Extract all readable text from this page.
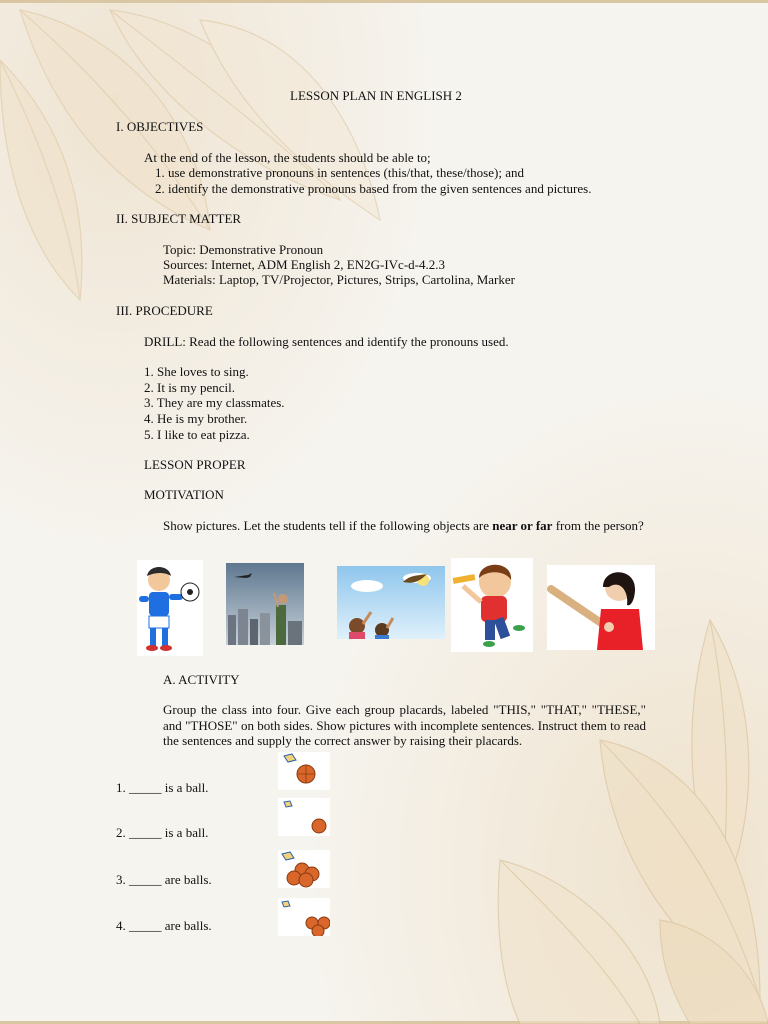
LESSON PLAN IN ENGLISH 2
I. OBJECTIVES
At the end of the lesson, the students should be able to;
1. use demonstrative pronouns in sentences (this/that, these/those); and
2. identify the demonstrative pronouns based from the given sentences and pictures.
II. SUBJECT MATTER
Topic: Demonstrative Pronoun
Sources: Internet, ADM English 2, EN2G-IVc-d-4.2.3
Materials: Laptop, TV/Projector, Pictures, Strips, Cartolina, Marker
III. PROCEDURE
DRILL: Read the following sentences and identify the pronouns used.
1. She loves to sing.
2. It is my pencil.
3. They are my classmates.
4. He is my brother.
5. I like to eat pizza.
LESSON PROPER
MOTIVATION
Show pictures. Let the students tell if the following objects are near or far from the person?
A. ACTIVITY
Group the class into four. Give each group placards, labeled "THIS," "THAT," "THESE," and "THOSE" on both sides. Show pictures with incomplete sentences. Instruct them to read the sentences and supply the correct answer by raising their placards.
1. _____ is a ball.
2. _____ is a ball.
3. _____ are balls.
4. _____ are balls.
